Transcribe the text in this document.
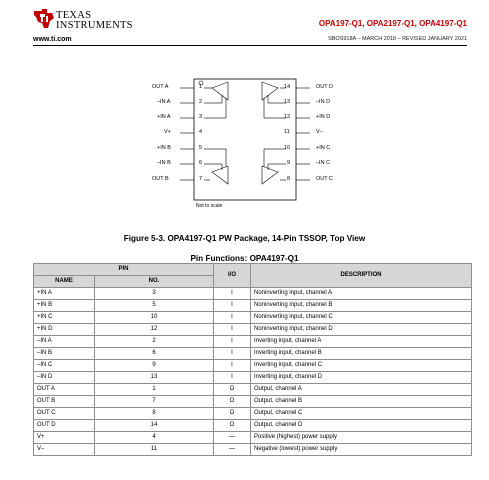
TEXAS
INSTRUMENTS
www.ti.com
OPA197-Q1, OPA2197-Q1, OPA4197-Q1
SBOS918A – MARCH 2018 – REVISED JANUARY 2021
OUT A	1
–IN A	2
+IN A	3
V+	4
+IN B	5
–IN B	6
OUT B	7
14	OUT D
13	–IN D
12	+IN D
11	V–
10	+IN C
9	–IN C
8	OUT C
Not to scale
Figure 5-3. OPA4197-Q1 PW Package, 14-Pin TSSOP, Top View
Pin Functions: OPA4197-Q1
PIN		I/O	DESCRIPTION
NAME	NO.		
+IN A	3	I	Noninverting input, channel A
+IN B	5	I	Noninverting input, channel B
+IN C	10	I	Noninverting input, channel C
+IN D	12	I	Noninverting input, channel D
–IN A	2	I	Inverting input, channel A
–IN B	6	I	Inverting input, channel B
–IN C	9	I	Inverting input, channel C
–IN D	13	I	Inverting input, channel D
OUT A	1	O	Output, channel A
OUT B	7	O	Output, channel B
OUT C	8	O	Output, channel C
OUT D	14	O	Output, channel D
V+	4	—	Positive (highest) power supply
V–	11	—	Negative (lowest) power supply
